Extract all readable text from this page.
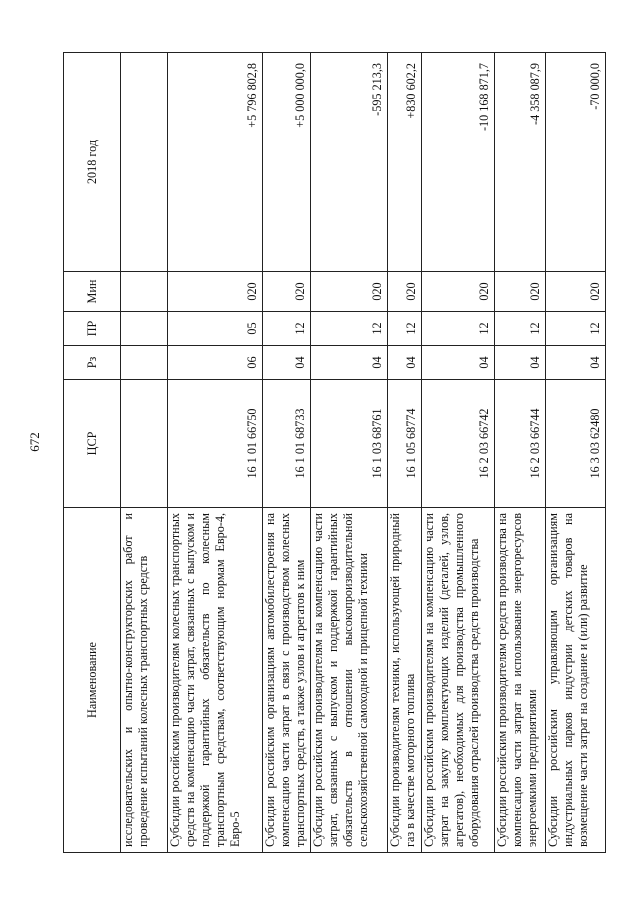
672
Наименование	ЦСР	Рз	ПР	Мин	2018 год
исследовательских и опытно-конструкторских работ и проведение испытаний колесных транспортных средств					
Субсидии российским производителям колесных транспортных средств на компенсацию части затрат, связанных с выпуском и поддержкой гарантийных обязательств по колесным транспортным средствам, соответствующим нормам Евро-4, Евро-5	16 1 01 66750	06	05	020	+5 796 802,8
Субсидии российским организациям автомобилестроения на компенсацию части затрат в связи с производством колесных транспортных средств, а также узлов и агрегатов к ним	16 1 01 68733	04	12	020	+5 000 000,0
Субсидии российским производителям на компенсацию части затрат, связанных с выпуском и поддержкой гарантийных обязательств в отношении высокопроизводительной сельскохозяйственной самоходной и прицепной техники	16 1 03 68761	04	12	020	-595 213,3
Субсидии производителям техники, использующей природный газ в качестве моторного топлива	16 1 05 68774	04	12	020	+830 602,2
Субсидии российским производителям на компенсацию части затрат на закупку комплектующих изделий (деталей, узлов, агрегатов), необходимых для производства промышленного оборудования отраслей производства средств производства	16 2 03 66742	04	12	020	-10 168 871,7
Субсидии российским производителям средств производства на компенсацию части затрат на использование энергоресурсов энергоемкими предприятиями	16 2 03 66744	04	12	020	-4 358 087,9
Субсидии российским управляющим организациям индустриальных парков индустрии детских товаров на возмещение части затрат на создание и (или) развитие	16 3 03 62480	04	12	020	-70 000,0
